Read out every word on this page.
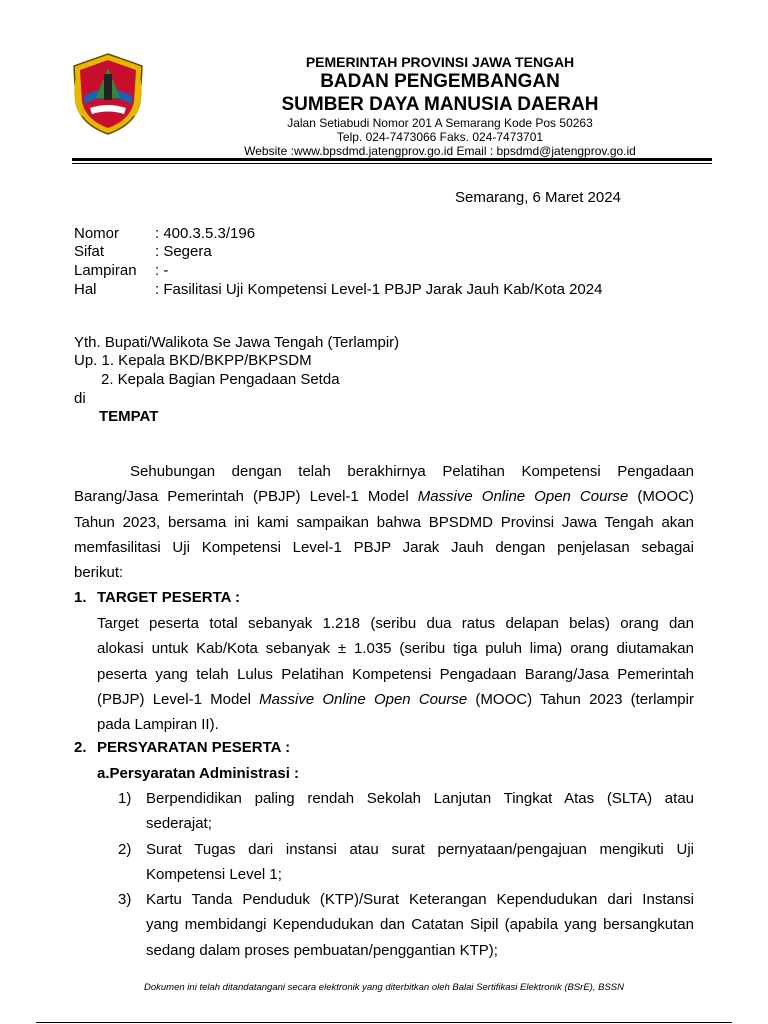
PEMERINTAH PROVINSI JAWA TENGAH
BADAN PENGEMBANGAN
SUMBER DAYA MANUSIA DAERAH
Jalan Setiabudi Nomor 201 A Semarang Kode Pos 50263
Telp. 024-7473066 Faks. 024-7473701
Website :www.bpsdmd.jatengprov.go.id Email : bpsdmd@jatengprov.go.id
Semarang, 6 Maret 2024
Nomor : 400.3.5.3/196
Sifat	: Segera
Lampiran : -
Hal	: Fasilitasi Uji Kompetensi Level-1 PBJP Jarak Jauh Kab/Kota 2024
Yth. Bupati/Walikota Se Jawa Tengah (Terlampir)
Up. 1. Kepala BKD/BKPP/BKPSDM
2. Kepala Bagian Pengadaan Setda
di
TEMPAT
Sehubungan dengan telah berakhirnya Pelatihan Kompetensi Pengadaan
Barang/Jasa Pemerintah (PBJP) Level-1 Model Massive Online Open Course (MOOC)
Tahun 2023, bersama ini kami sampaikan bahwa BPSDMD Provinsi Jawa Tengah akan
memfasilitasi Uji Kompetensi Level-1 PBJP Jarak Jauh dengan penjelasan sebagai
berikut:
1. TARGET PESERTA :
Target peserta total sebanyak 1.218 (seribu dua ratus delapan belas) orang dan
alokasi untuk Kab/Kota sebanyak ± 1.035 (seribu tiga puluh lima) orang diutamakan
peserta yang telah Lulus Pelatihan Kompetensi Pengadaan Barang/Jasa Pemerintah
(PBJP) Level-1 Model Massive Online Open Course (MOOC) Tahun 2023 (terlampir
pada Lampiran II).
2. PERSYARATAN PESERTA :
a.Persyaratan Administrasi :
1) Berpendidikan paling rendah Sekolah Lanjutan Tingkat Atas (SLTA) atau
sederajat;
2) Surat Tugas dari instansi atau surat pernyataan/pengajuan mengikuti Uji
Kompetensi Level 1;
3) Kartu Tanda Penduduk (KTP)/Surat Keterangan Kependudukan dari Instansi
yang membidangi Kependudukan dan Catatan Sipil (apabila yang bersangkutan
sedang dalam proses pembuatan/penggantian KTP);
Dokumen ini telah ditandatangani secara elektronik yang diterbitkan oleh Balai Sertifikasi Elektronik (BSrE), BSSN
